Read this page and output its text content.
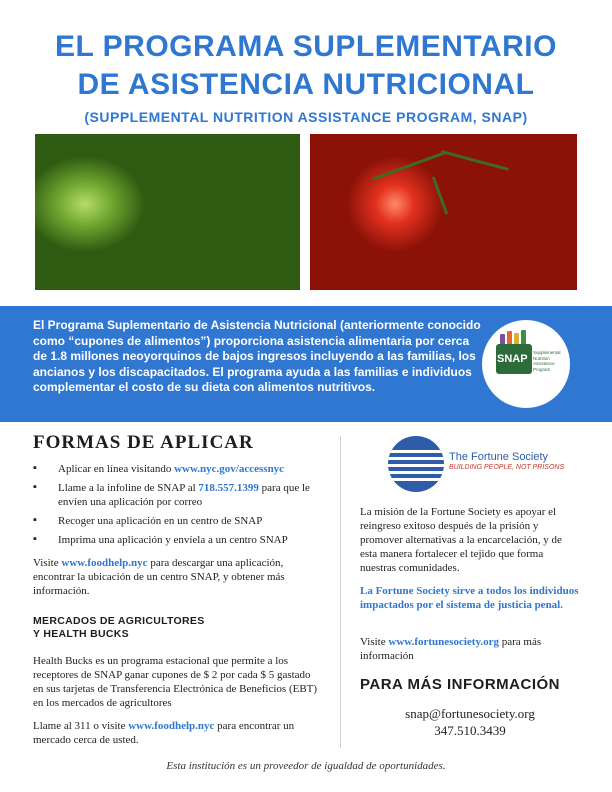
EL PROGRAMA SUPLEMENTARIO
DE ASISTENCIA NUTRICIONAL
(SUPPLEMENTAL NUTRITION ASSISTANCE PROGRAM, SNAP)
El Programa Suplementario de Asistencia Nutricional (anteriormente conocido como “cupones de alimentos”) proporciona asistencia alimentaria por cerca de 1.8 millones neoyorquinos de bajos ingresos incluyendo a las familias, los ancianos y los discapacitados. El programa ayuda a las familias e individuos complementar el costo de su dieta con alimentos nutritivos.
SNAP
Supplemental Nutrition Assistance Program
FORMAS DE APLICAR
▪ Aplicar en línea visitando www.nyc.gov/accessnyc
▪ Llame a la infoline de SNAP al 718.557.1399 para que le envíen una aplicación por correo
▪ Recoger una aplicación en un centro de SNAP
▪ Imprima una aplicación y envíela a un centro SNAP

Visite www.foodhelp.nyc para descargar una aplicación, encontrar la ubicación de un centro SNAP, y obtener más información.

MERCADOS DE AGRICULTORES
Y HEALTH BUCKS

Health Bucks es un programa estacional que permite a los receptores de SNAP ganar cupones de $ 2 por cada $ 5 gastado en sus tarjetas de Transferencia Electrónica de Beneficios (EBT) en los mercados de agricultores

Llame al 311 o visite www.foodhelp.nyc para encontrar un mercado cerca de usted.

The Fortune Society
BUILDING PEOPLE, NOT PRISONS

La misión de la Fortune Society es apoyar el reingreso exitoso después de la prisión y promover alternativas a la encarcelación, y de esta manera fortalecer el tejido que forma nuestras comunidades.

La Fortune Society sirve a todos los individuos impactados por el sistema de justicia penal.

Visite www.fortunesociety.org para más información

PARA MÁS INFORMACIÓN
snap@fortunesociety.org
347.510.3439
Esta institución es un proveedor de igualdad de oportunidades.
